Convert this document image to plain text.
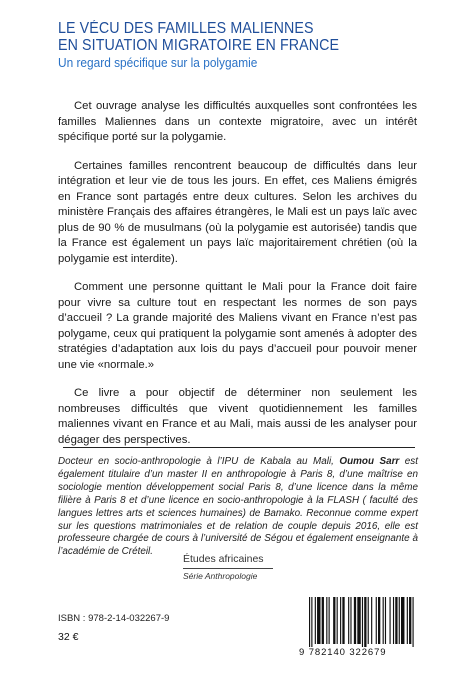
LE VÉCU DES FAMILLES MALIENNES
EN SITUATION MIGRATOIRE EN FRANCE
Un regard spécifique sur la polygamie

Cet ouvrage analyse les difficultés auxquelles sont confrontées les familles Maliennes dans un contexte migratoire, avec un intérêt spécifique porté sur la polygamie.

Certaines familles rencontrent beaucoup de difficultés dans leur intégration et leur vie de tous les jours. En effet, ces Maliens émigrés en France sont partagés entre deux cultures. Selon les archives du ministère Français des affaires étrangères, le Mali est un pays laïc avec plus de 90 % de musulmans (où la polygamie est autorisée) tandis que la France est également un pays laïc majoritairement chrétien (où la polygamie est interdite).

Comment une personne quittant le Mali pour la France doit faire pour vivre sa culture tout en respectant les normes de son pays d’accueil ? La grande majorité des Maliens vivant en France n’est pas polygame, ceux qui pratiquent la polygamie sont amenés à adopter des stratégies d’adaptation aux lois du pays d’accueil pour pouvoir mener une vie «normale.»

Ce livre a pour objectif de déterminer non seulement les nombreuses difficultés que vivent quotidiennement les familles maliennes vivant en France et au Mali, mais aussi de les analyser pour dégager des perspectives.

Docteur en socio-anthropologie à l’IPU de Kabala au Mali, Oumou Sarr est également titulaire d’un master II en anthropologie à Paris 8, d’une maîtrise en sociologie mention développement social Paris 8, d’une licence dans la même filière à Paris 8 et d’une licence en socio-anthropologie à la FLASH ( faculté des langues lettres arts et sciences humaines) de Bamako. Reconnue comme expert sur les questions matrimoniales et de relation de couple depuis 2016, elle est professeure chargée de cours à l’université de Ségou et également enseignante à l’académie de Créteil.

Études africaines
Série Anthropologie
ISBN : 978-2-14-032267-9
32 €
9 782140 322679
